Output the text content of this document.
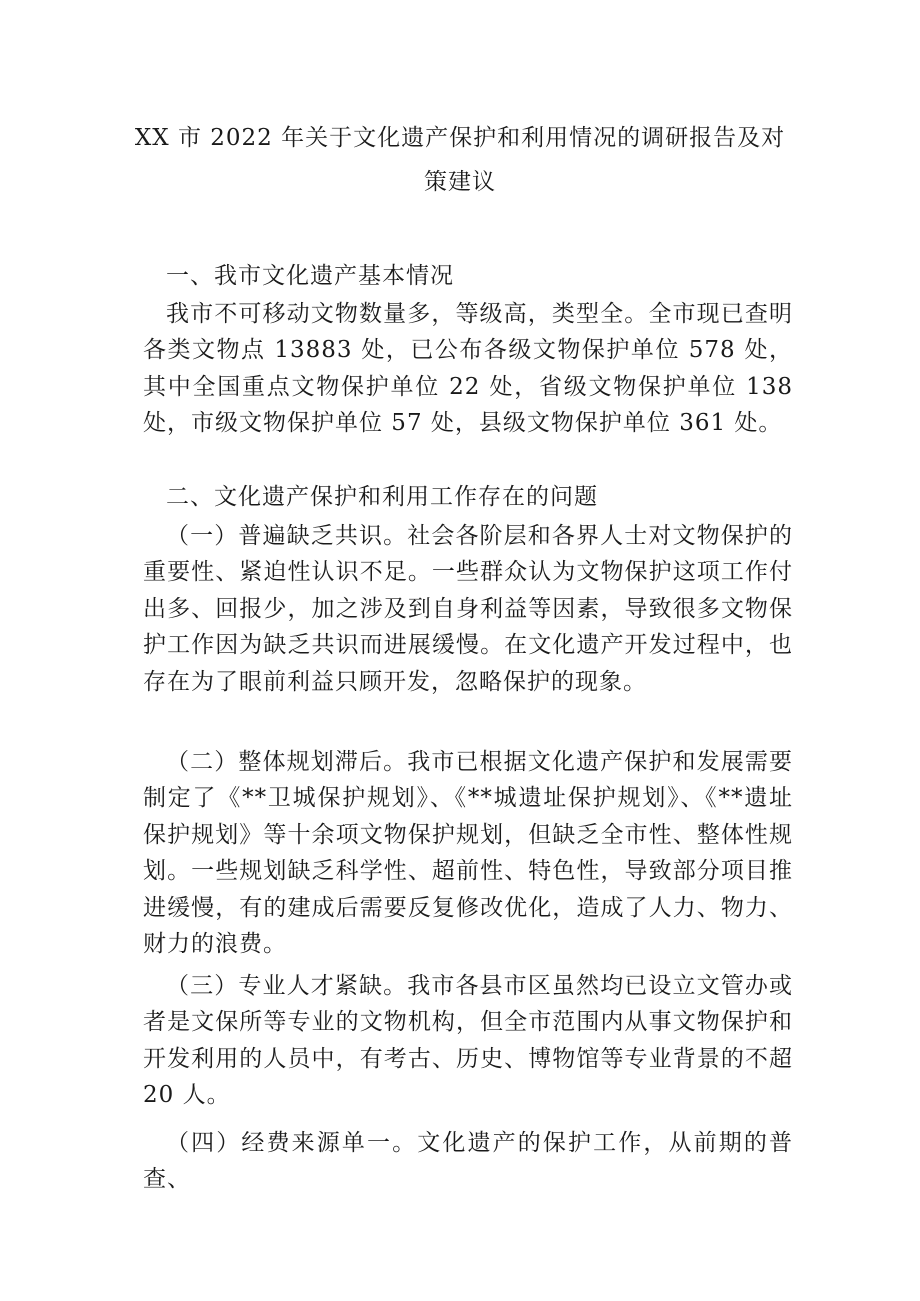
XX 市 2022 年关于文化遗产保护和利用情况的调研报告及对
策建议

一、我市文化遗产基本情况

我市不可移动文物数量多，等级高，类型全。全市现已查明各类文物点 13883 处，已公布各级文物保护单位 578 处，其中全国重点文物保护单位 22 处，省级文物保护单位 138 处，市级文物保护单位 57 处，县级文物保护单位 361 处。

二、文化遗产保护和利用工作存在的问题

（一）普遍缺乏共识。社会各阶层和各界人士对文物保护的重要性、紧迫性认识不足。一些群众认为文物保护这项工作付出多、回报少，加之涉及到自身利益等因素，导致很多文物保护工作因为缺乏共识而进展缓慢。在文化遗产开发过程中，也存在为了眼前利益只顾开发，忽略保护的现象。

（二）整体规划滞后。我市已根据文化遗产保护和发展需要制定了《**卫城保护规划》、《**城遗址保护规划》、《**遗址保护规划》等十余项文物保护规划，但缺乏全市性、整体性规划。一些规划缺乏科学性、超前性、特色性，导致部分项目推进缓慢，有的建成后需要反复修改优化，造成了人力、物力、财力的浪费。

（三）专业人才紧缺。我市各县市区虽然均已设立文管办或者是文保所等专业的文物机构，但全市范围内从事文物保护和开发利用的人员中，有考古、历史、博物馆等专业背景的不超 20 人。

（四）经费来源单一。文化遗产的保护工作，从前期的普查、
